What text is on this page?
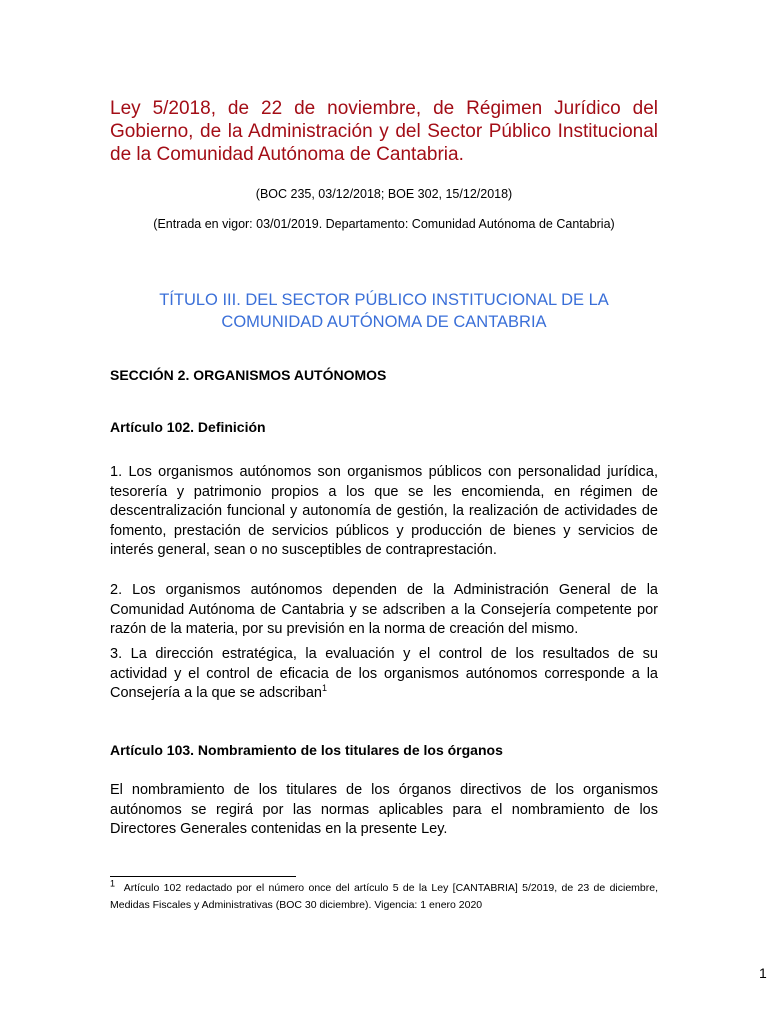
Ley 5/2018, de 22 de noviembre, de Régimen Jurídico del Gobierno, de la Administración y del Sector Público Institucional de la Comunidad Autónoma de Cantabria.

(BOC 235, 03/12/2018; BOE 302, 15/12/2018)

(Entrada en vigor: 03/01/2019. Departamento: Comunidad Autónoma de Cantabria)

TÍTULO III. DEL SECTOR PÚBLICO INSTITUCIONAL DE LA COMUNIDAD AUTÓNOMA DE CANTABRIA
SECCIÓN 2. ORGANISMOS AUTÓNOMOS
Artículo 102. Definición

1. Los organismos autónomos son organismos públicos con personalidad jurídica, tesorería y patrimonio propios a los que se les encomienda, en régimen de descentralización funcional y autonomía de gestión, la realización de actividades de fomento, prestación de servicios públicos y producción de bienes y servicios de interés general, sean o no susceptibles de contraprestación.

2. Los organismos autónomos dependen de la Administración General de la Comunidad Autónoma de Cantabria y se adscriben a la Consejería competente por razón de la materia, por su previsión en la norma de creación del mismo.

3. La dirección estratégica, la evaluación y el control de los resultados de su actividad y el control de eficacia de los organismos autónomos corresponde a la Consejería a la que se adscriban$^1$

Artículo 103. Nombramiento de los titulares de los órganos

El nombramiento de los titulares de los órganos directivos de los organismos autónomos se regirá por las normas aplicables para el nombramiento de los Directores Generales contenidas en la presente Ley.

$^1$ Artículo 102 redactado por el número once del artículo 5 de la Ley [CANTABRIA] 5/2019, de 23 de diciembre, Medidas Fiscales y Administrativas (BOC 30 diciembre). Vigencia: 1 enero 2020

1
